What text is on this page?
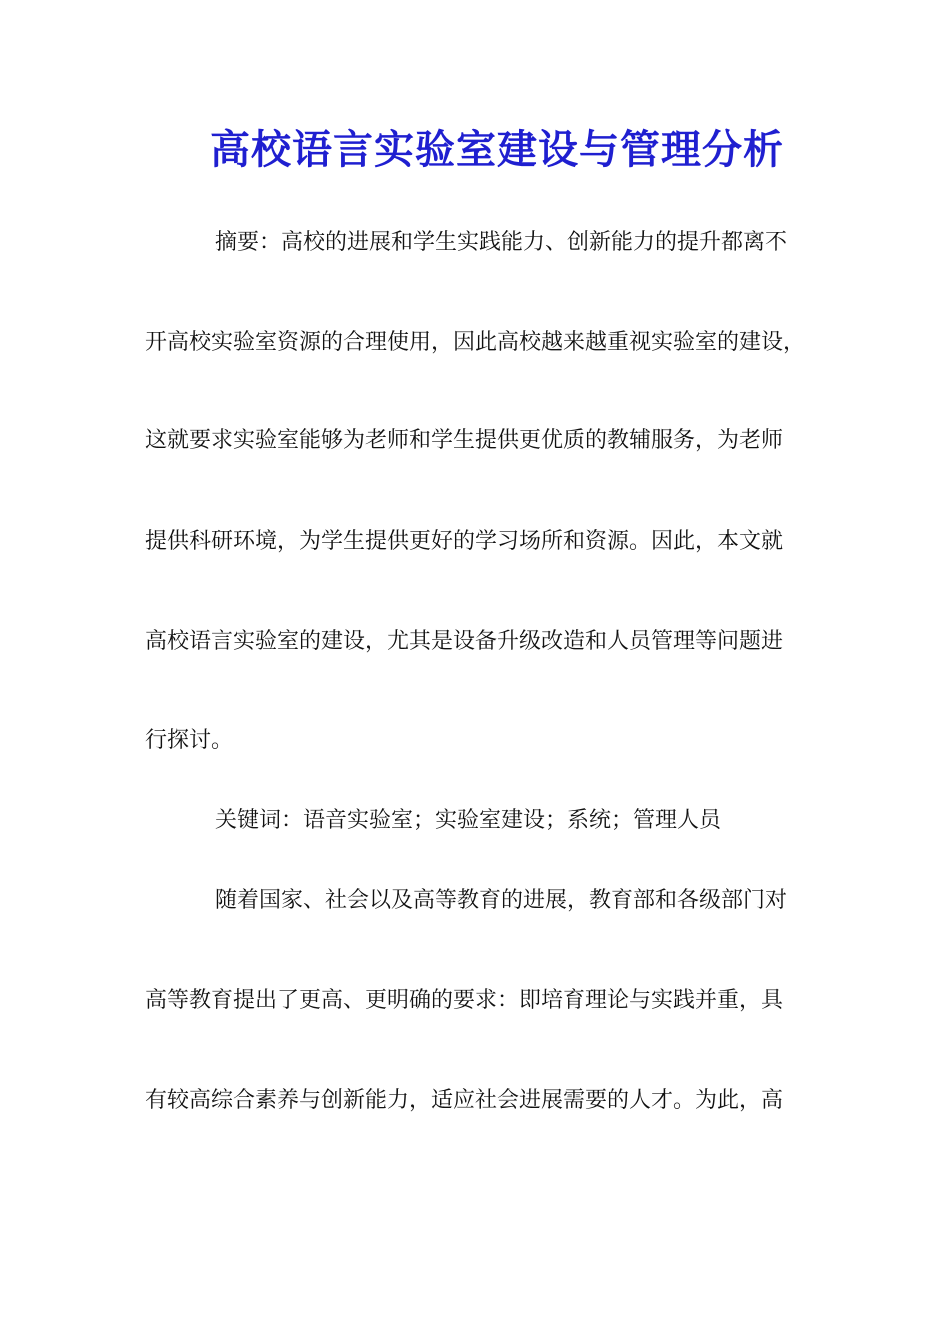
高校语言实验室建设与管理分析

摘要：高校的进展和学生实践能力、创新能力的提升都离不

开高校实验室资源的合理使用，因此高校越来越重视实验室的建设，

这就要求实验室能够为老师和学生提供更优质的教辅服务，为老师

提供科研环境，为学生提供更好的学习场所和资源。因此，本文就

高校语言实验室的建设，尤其是设备升级改造和人员管理等问题进

行探讨。

关键词：语音实验室；实验室建设；系统；管理人员

随着国家、社会以及高等教育的进展，教育部和各级部门对

高等教育提出了更高、更明确的要求：即培育理论与实践并重，具

有较高综合素养与创新能力，适应社会进展需要的人才。为此，高
